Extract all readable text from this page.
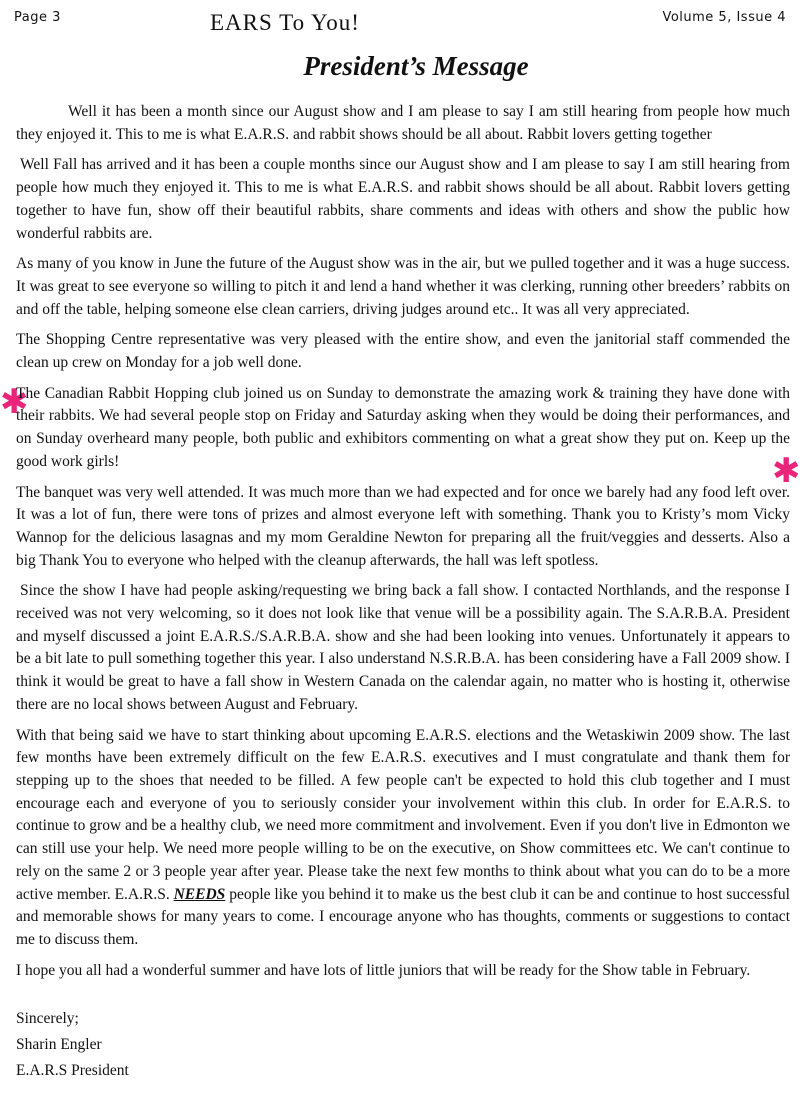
Page 3	EARS To You!	Volume 5, Issue 4
President’s Message
✱
✱

Well it has been a month since our August show and I am please to say I am still hearing from people how much they enjoyed it. This to me is what E.A.R.S. and rabbit shows should be all about. Rabbit lovers getting together

Well Fall has arrived and it has been a couple months since our August show and I am please to say I am still hearing from people how much they enjoyed it. This to me is what E.A.R.S. and rabbit shows should be all about. Rabbit lovers getting together to have fun, show off their beautiful rabbits, share comments and ideas with others and show the public how wonderful rabbits are.

As many of you know in June the future of the August show was in the air, but we pulled together and it was a huge success. It was great to see everyone so willing to pitch it and lend a hand whether it was clerking, running other breeders’ rabbits on and off the table, helping someone else clean carriers, driving judges around etc.. It was all very appreciated.

The Shopping Centre representative was very pleased with the entire show, and even the janitorial staff commended the clean up crew on Monday for a job well done.

The Canadian Rabbit Hopping club joined us on Sunday to demonstrate the amazing work & training they have done with their rabbits. We had several people stop on Friday and Saturday asking when they would be doing their performances, and on Sunday overheard many people, both public and exhibitors commenting on what a great show they put on. Keep up the good work girls!

The banquet was very well attended. It was much more than we had expected and for once we barely had any food left over. It was a lot of fun, there were tons of prizes and almost everyone left with something. Thank you to Kristy’s mom Vicky Wannop for the delicious lasagnas and my mom Geraldine Newton for preparing all the fruit/veggies and desserts. Also a big Thank You to everyone who helped with the cleanup afterwards, the hall was left spotless.

Since the show I have had people asking/requesting we bring back a fall show. I contacted Northlands, and the response I received was not very welcoming, so it does not look like that venue will be a possibility again. The S.A.R.B.A. President and myself discussed a joint E.A.R.S./S.A.R.B.A. show and she had been looking into venues. Unfortunately it appears to be a bit late to pull something together this year. I also understand N.S.R.B.A. has been considering have a Fall 2009 show. I think it would be great to have a fall show in Western Canada on the calendar again, no matter who is hosting it, otherwise there are no local shows between August and February.

With that being said we have to start thinking about upcoming E.A.R.S. elections and the Wetaskiwin 2009 show. The last few months have been extremely difficult on the few E.A.R.S. executives and I must congratulate and thank them for stepping up to the shoes that needed to be filled. A few people can't be expected to hold this club together and I must encourage each and everyone of you to seriously consider your involvement within this club. In order for E.A.R.S. to continue to grow and be a healthy club, we need more commitment and involvement. Even if you don't live in Edmonton we can still use your help. We need more people willing to be on the executive, on Show committees etc. We can't continue to rely on the same 2 or 3 people year after year. Please take the next few months to think about what you can do to be a more active member. E.A.R.S. NEEDS people like you behind it to make us the best club it can be and continue to host successful and memorable shows for many years to come. I encourage anyone who has thoughts, comments or suggestions to contact me to discuss them.

I hope you all had a wonderful summer and have lots of little juniors that will be ready for the Show table in February.

Sincerely;
Sharin Engler
E.A.R.S President
